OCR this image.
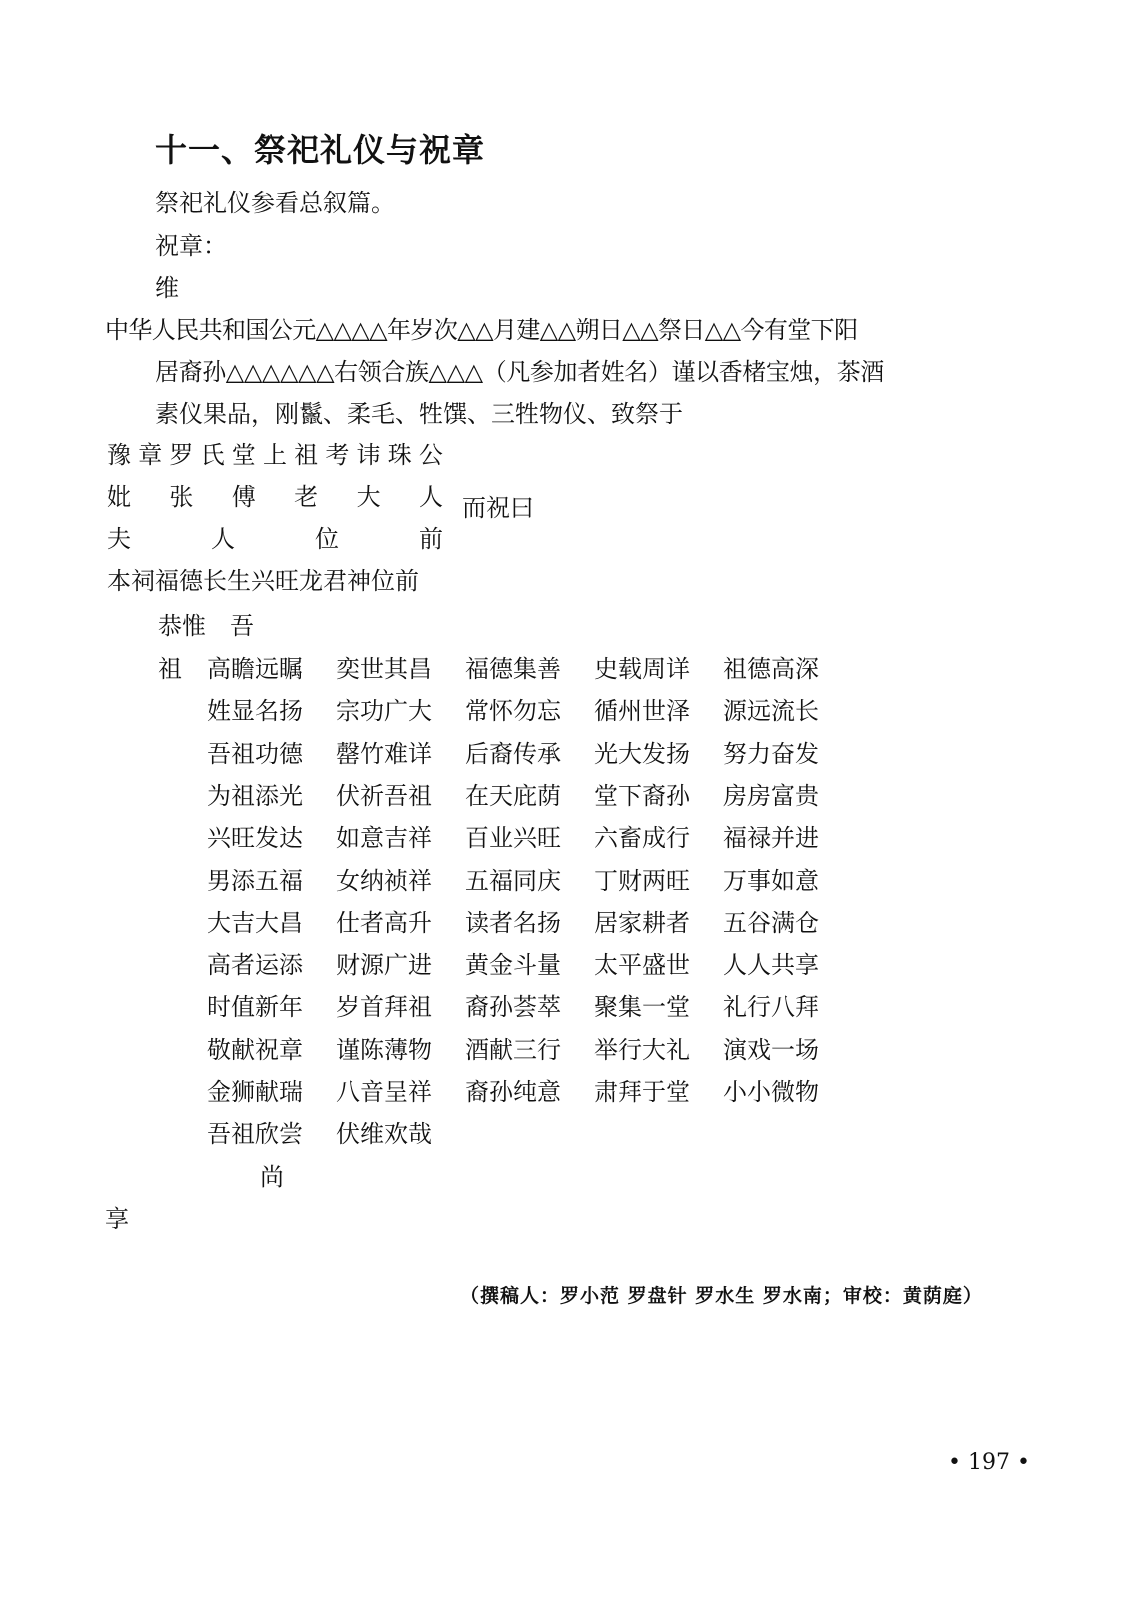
十一、祭祀礼仪与祝章
祭祀礼仪参看总叙篇。
祝章：
维
中华人民共和国公元△△△△年岁次△△月建△△朔日△△祭日△△今有堂下阳
居裔孙△△△△△△右领合族△△△（凡参加者姓名）谨以香楮宝烛，茶酒
素仪果品，刚鬣、柔毛、牲馔、三牲物仪、致祭于
豫 章 罗 氏 堂 上 祖 考 讳 珠 公
妣 张 傅 老 大 人
夫	人	位	前
本祠福德长生兴旺龙君神位前
而祝曰
恭惟　吾
祖 高瞻远瞩 奕世其昌 福德集善 史载周详 祖德高深
姓显名扬 宗功广大 常怀勿忘 循州世泽 源远流长
吾祖功德 罄竹难详 后裔传承 光大发扬 努力奋发
为祖添光 伏祈吾祖 在天庇荫 堂下裔孙 房房富贵
兴旺发达 如意吉祥 百业兴旺 六畜成行 福禄并进
男添五福 女纳祯祥 五福同庆 丁财两旺 万事如意
大吉大昌 仕者高升 读者名扬 居家耕者 五谷满仓
高者运添 财源广进 黄金斗量 太平盛世 人人共享
时值新年 岁首拜祖 裔孙荟萃 聚集一堂 礼行八拜
敬献祝章 谨陈薄物 酒献三行 举行大礼 演戏一场
金狮献瑞 八音呈祥 裔孙纯意 肃拜于堂 小小微物
吾祖欣尝 伏维欢哉
尚
享
（撰稿人：罗小范 罗盘针 罗水生 罗水南；审校：黄荫庭）
• 197 •
